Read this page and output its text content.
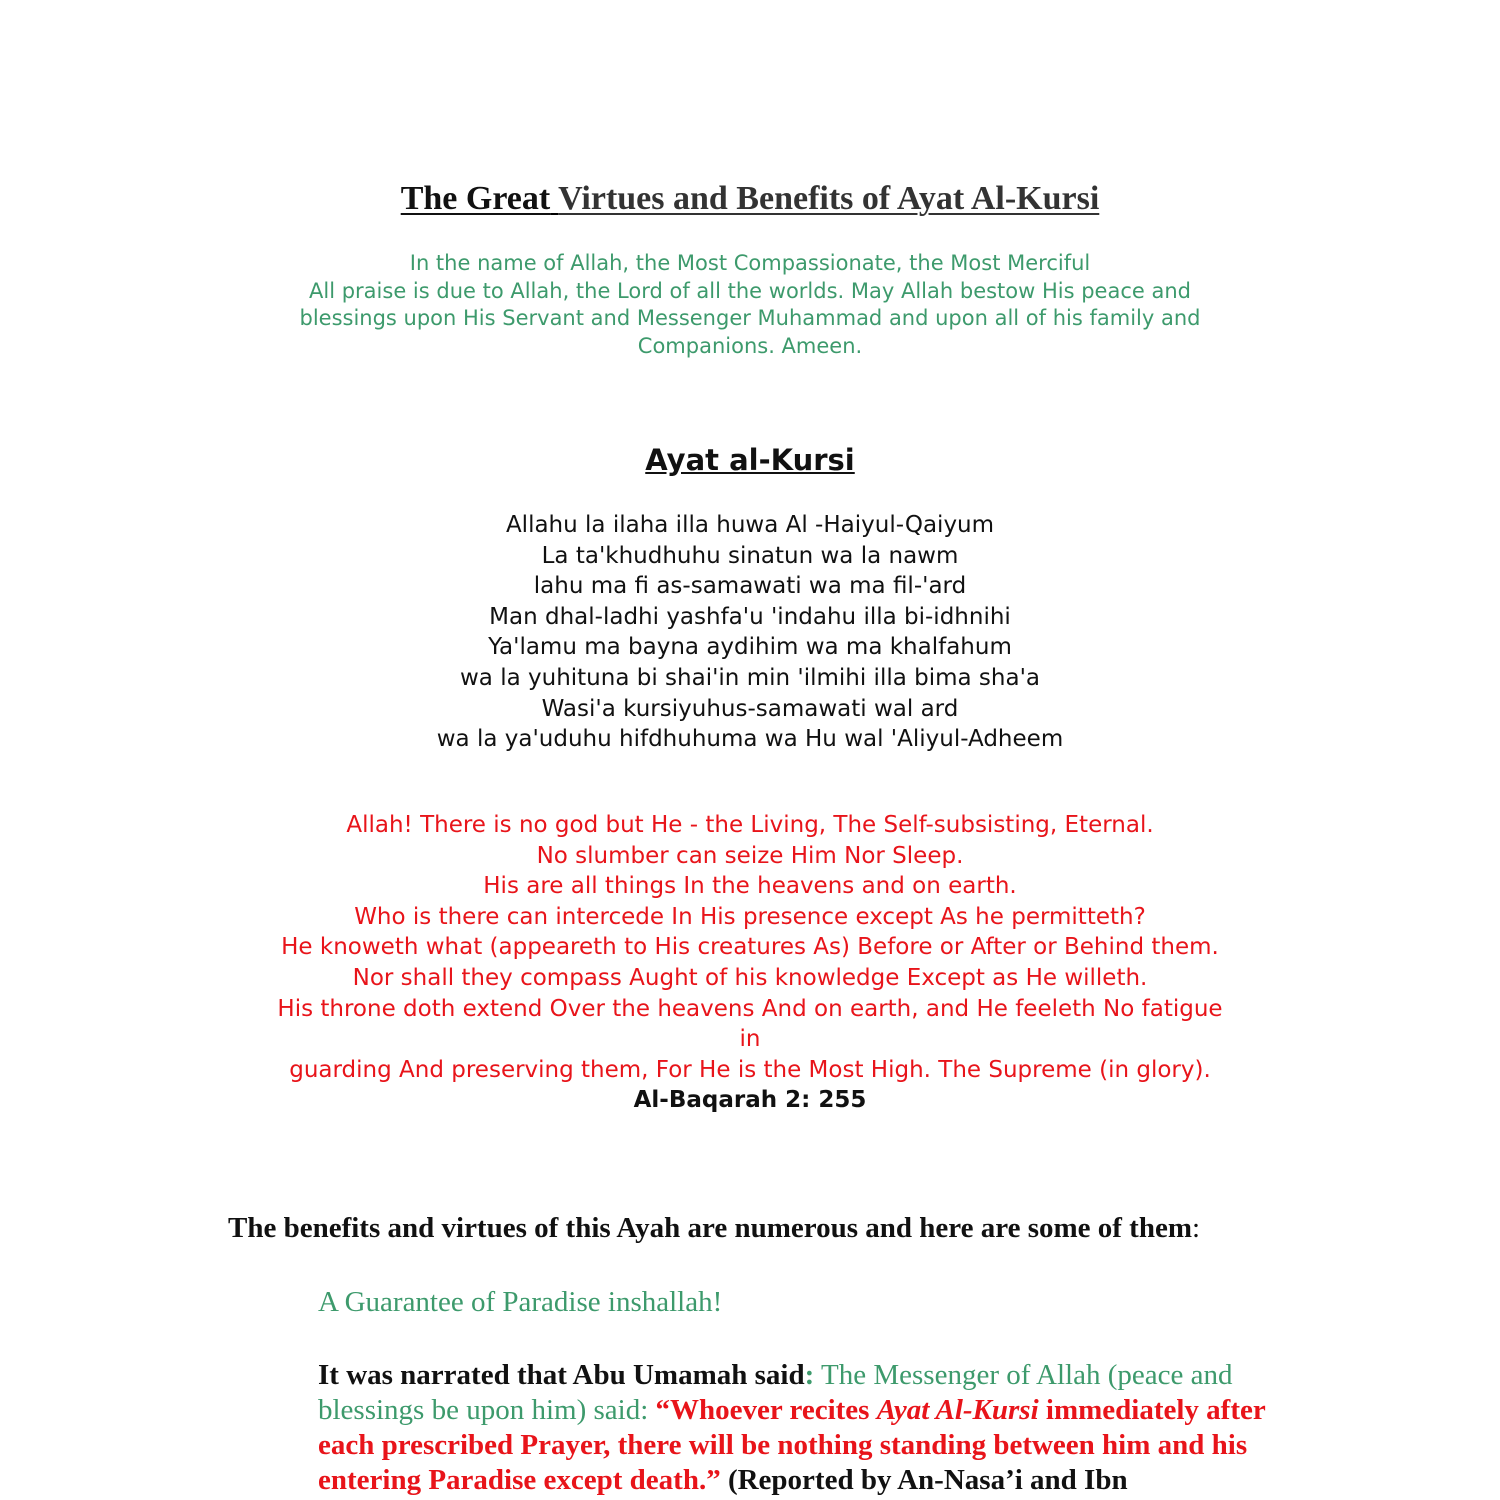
The Great Virtues and Benefits of Ayat Al-Kursi
In the name of Allah, the Most Compassionate, the Most Merciful
All praise is due to Allah, the Lord of all the worlds. May Allah bestow His peace and
blessings upon His Servant and Messenger Muhammad and upon all of his family and
Companions. Ameen.
Ayat al-Kursi
Allahu la ilaha illa huwa Al -Haiyul-Qaiyum
La ta'khudhuhu sinatun wa la nawm
lahu ma fi as-samawati wa ma fil-'ard
Man dhal-ladhi yashfa'u 'indahu illa bi-idhnihi
Ya'lamu ma bayna aydihim wa ma khalfahum
wa la yuhituna bi shai'in min 'ilmihi illa bima sha'a
Wasi'a kursiyuhus-samawati wal ard
wa la ya'uduhu hifdhuhuma wa Hu wal 'Aliyul-Adheem
Allah! There is no god but He - the Living, The Self-subsisting, Eternal.
No slumber can seize Him Nor Sleep.
His are all things In the heavens and on earth.
Who is there can intercede In His presence except As he permitteth?
He knoweth what (appeareth to His creatures As) Before or After or Behind them.
Nor shall they compass Aught of his knowledge Except as He willeth.
His throne doth extend Over the heavens And on earth, and He feeleth No fatigue
in
guarding And preserving them, For He is the Most High. The Supreme (in glory).
Al-Baqarah 2: 255
The benefits and virtues of this Ayah are numerous and here are some of them:
A Guarantee of Paradise inshallah!
It was narrated that Abu Umamah said: The Messenger of Allah (peace and blessings be upon him) said: “Whoever recites Ayat Al-Kursi immediately after each prescribed Prayer, there will be nothing standing between him and his entering Paradise except death.” (Reported by An-Nasa’i and Ibn
